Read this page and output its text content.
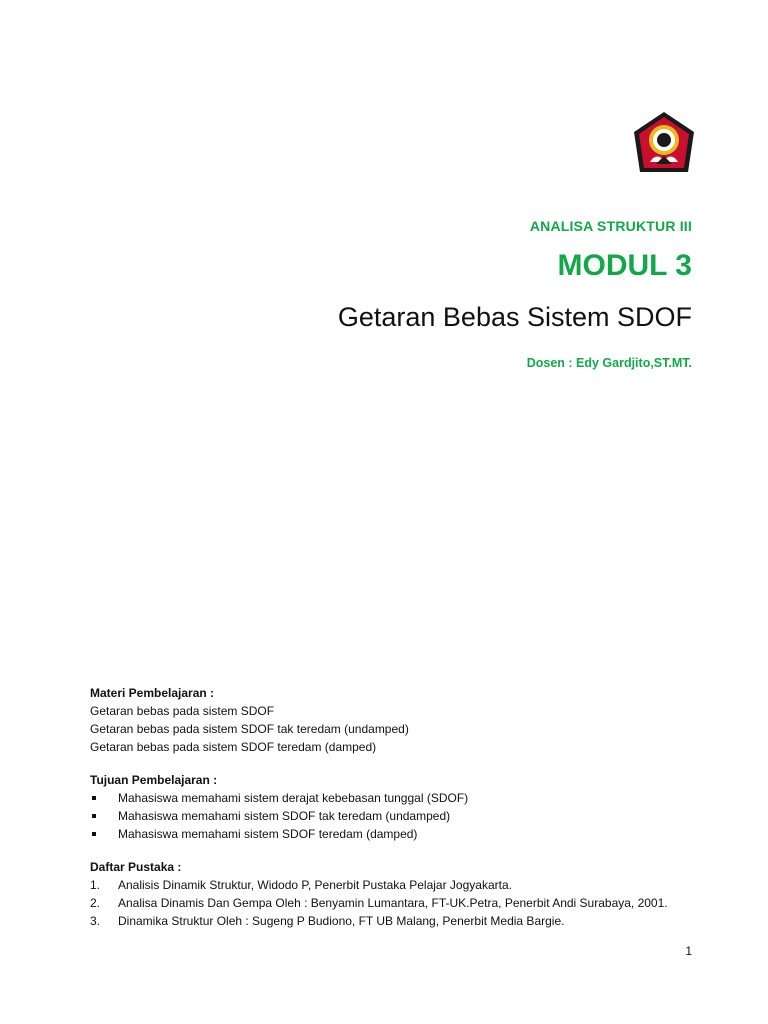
ANALISA STRUKTUR III
MODUL 3
Getaran Bebas Sistem SDOF
Dosen : Edy Gardjito,ST.MT.
Materi Pembelajaran :
Getaran bebas pada sistem SDOF
Getaran bebas pada sistem SDOF tak teredam (undamped)
Getaran bebas pada sistem SDOF teredam (damped)
Tujuan Pembelajaran :
Mahasiswa memahami sistem derajat kebebasan tunggal (SDOF)
Mahasiswa memahami sistem SDOF tak teredam (undamped)
Mahasiswa memahami sistem SDOF teredam (damped)
Daftar Pustaka :
1. Analisis Dinamik Struktur, Widodo P, Penerbit Pustaka Pelajar Jogyakarta.
2. Analisa Dinamis Dan Gempa Oleh : Benyamin Lumantara, FT-UK.Petra, Penerbit Andi Surabaya, 2001.
3. Dinamika Struktur Oleh : Sugeng P Budiono, FT UB Malang, Penerbit Media Bargie.
1
